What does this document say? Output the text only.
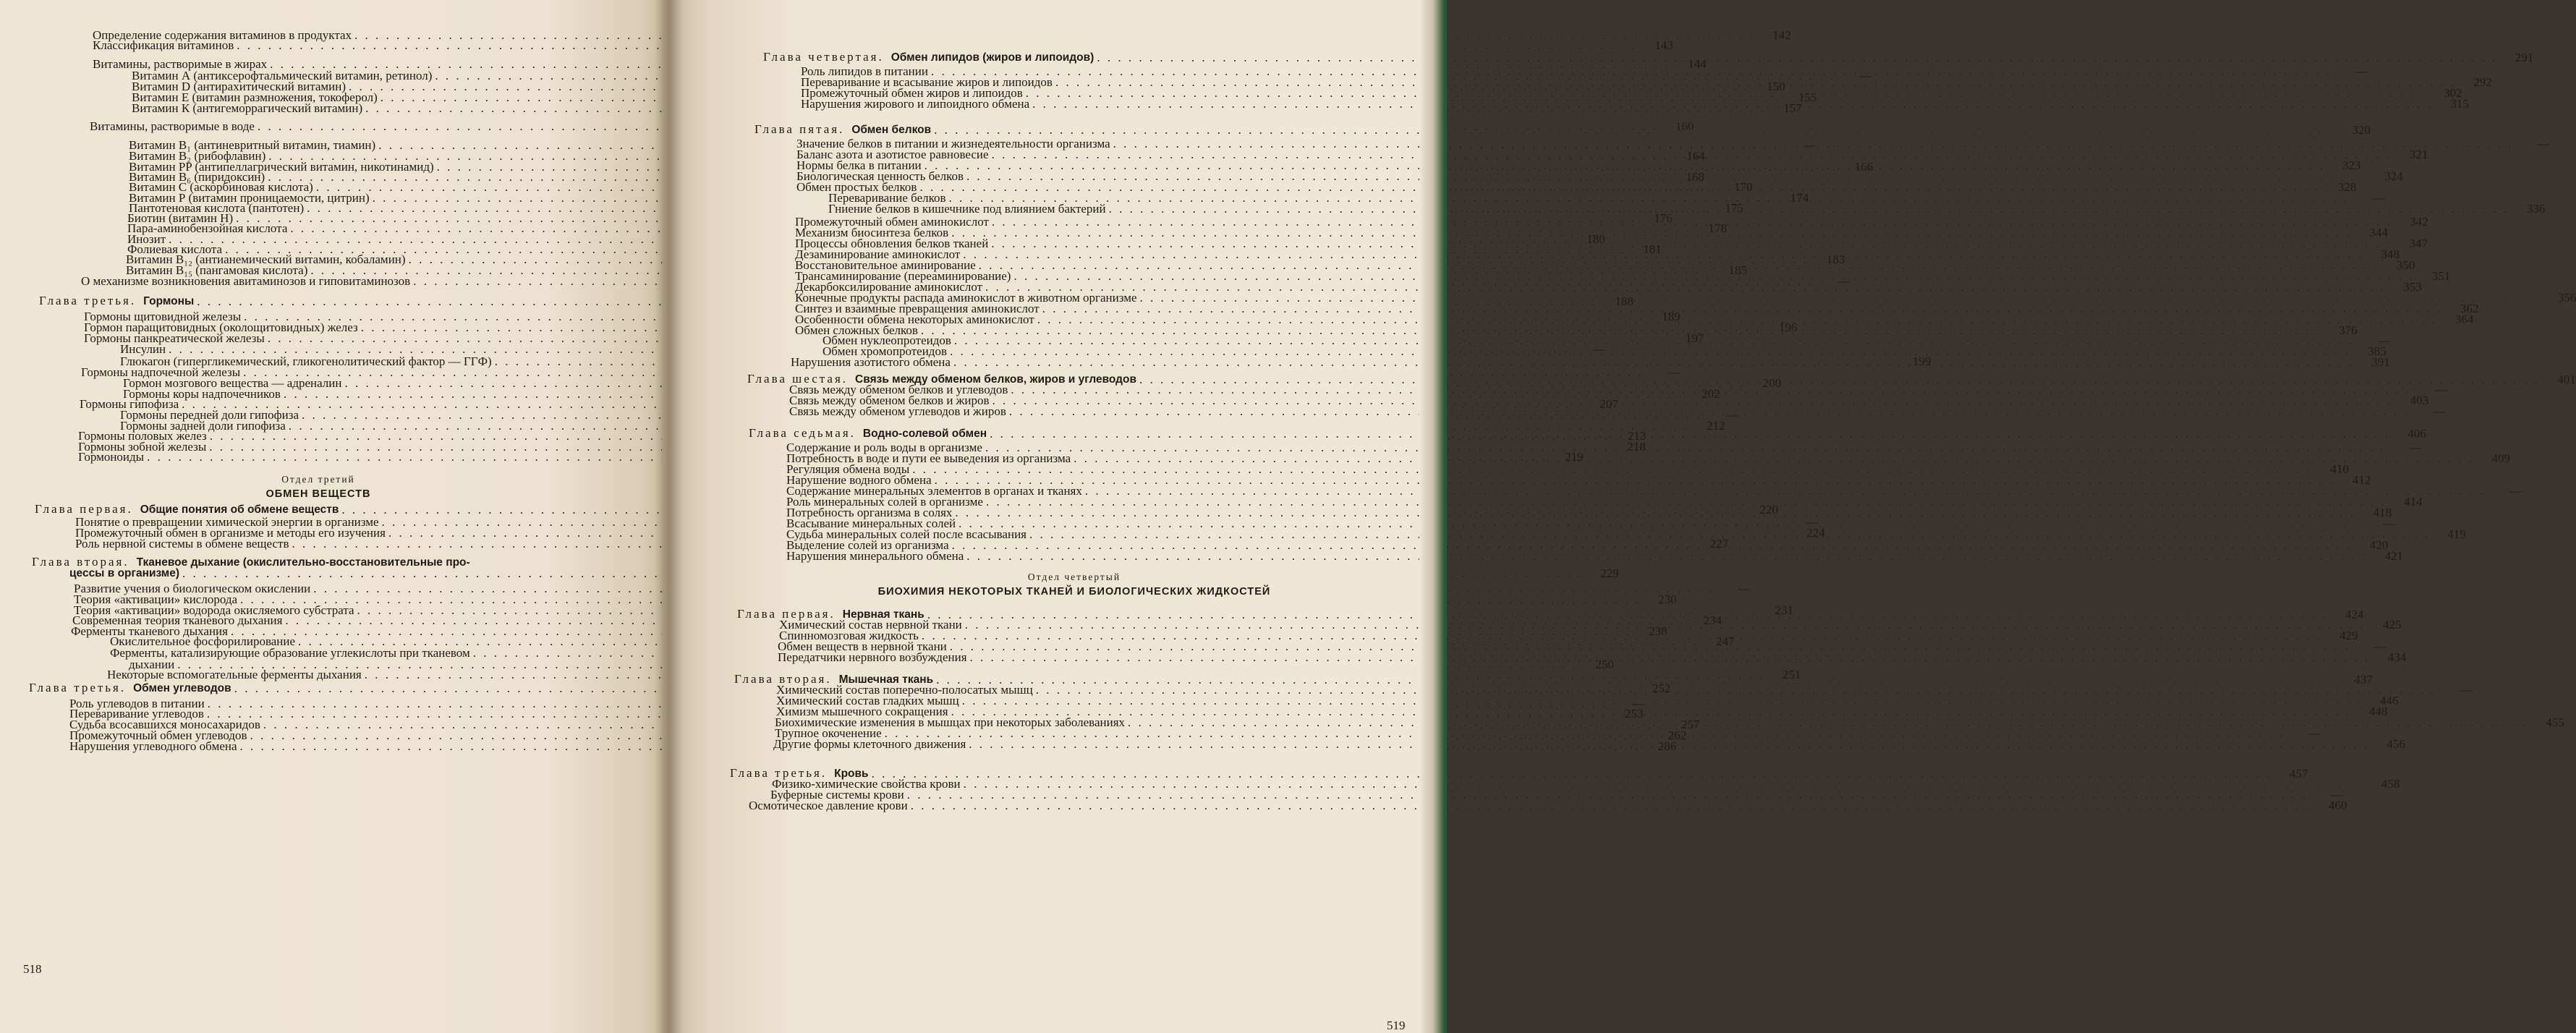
Определение содержания витаминов в продуктах . . .	142
Классификация витаминов . . .	143
Витамины, растворимые в жирах . . .	144
Витамин А (антиксерофтальмический витамин, ретинол) . . .	—
Витамин D (антирахитический витамин) . . .	150
Витамин Е (витамин размножения, токоферол) . . .	155
Витамин К (антигеморрагический витамин) . . .	157
Витамины, растворимые в воде . . .	160
Витамин B₁ (антиневритный витамин, тиамин) . . .	—
Витамин B₂ (рибофлавин) . . .	164
Витамин PP (антипеллагрический витамин, никотинамид) . . .	166
Витамин B₆ (пиридоксин) . . .	168
Витамин С (аскорбиновая кислота) . . .	170
Витамин Р (витамин проницаемости, цитрин) . . .	174
Пантотеновая кислота (пантотен) . . .	175
Биотин (витамин Н) . . .	176
Пара-аминобензойная кислота . . .	178
Инозит . . .	180
Фолиевая кислота . . .	181
Витамин B₁₂ (антианемический витамин, кобаламин) . . .	183
Витамин B₁₅ (пангамовая кислота) . . .	185
О механизме возникновения авитаминозов и гиповитаминозов . . .	—
Глава третья. Гормоны . . .	188
Гормоны щитовидной железы . . .	189
Гормон паращитовидных (околощитовидных) желез . . .	196
Гормоны панкреатической железы . . .	197
Инсулин . . .	—
Глюкагон (гипергликемический, гликогенолитический фактор — ГГФ) . . .	199
Гормоны надпочечной железы . . .	—
Гормон мозгового вещества — адреналин . . .	200
Гормоны коры надпочечников . . .	202
Гормоны гипофиза . . .	207
Гормоны передней доли гипофиза . . .	—
Гормоны задней доли гипофиза . . .	212
Гормоны половых желез . . .	213
Гормоны зобной железы . . .	218
Гормоноиды . . .	219
Отдел третий
ОБМЕН ВЕЩЕСТВ
Глава первая. Общие понятия об обмене веществ . . .	220
Понятие о превращении химической энергии в организме . . .	—
Промежуточный обмен в организме и методы его изучения . . .	224
Роль нервной системы в обмене веществ . . .	227
Глава вторая. Тканевое дыхание (окислительно-восстановительные про-
цессы в организме) . . .	229
Развитие учения о биологическом окислении . . .	—
Теория «активации» кислорода . . .	230
Теория «активации» водорода окисляемого субстрата . . .	231
Современная теория тканевого дыхания . . .	234
Ферменты тканевого дыхания . . .	238
Окислительное фосфорилирование . . .	247
Ферменты, катализирующие образование углекислоты при тканевом
. . .
дыхании . . .	250
Некоторые вспомогательные ферменты дыхания . . .	251
Глава третья. Обмен углеводов . . .	252
Роль углеводов в питании . . .	—
Переваривание углеводов . . .	253
Судьба всосавшихся моносахаридов . . .	257
Промежуточный обмен углеводов . . .	262
Нарушения углеводного обмена . . .	286
518
Глава четвертая. Обмен липидов (жиров и липоидов) . . .	291
Роль липидов в питании . . .	—
Переваривание и всасывание жиров и липоидов . . .	292
Промежуточный обмен жиров и липоидов . . .	302
Нарушения жирового и липоидного обмена . . .	315
Глава пятая. Обмен белков . . .	320
Значение белков в питании и жизнедеятельности организма . . .	—
Баланс азота и азотистое равновесие . . .	321
Нормы белка в питании . . .	323
Биологическая ценность белков . . .	324
Обмен простых белков . . .	328
Переваривание белков . . .	—
Гниение белков в кишечнике под влиянием бактерий . . .	336
Промежуточный обмен аминокислот . . .	342
Механизм биосинтеза белков . . .	344
Процессы обновления белков тканей . . .	347
Дезаминирование аминокислот . . .	348
Восстановительное аминирование . . .	350
Трансаминирование (переаминирование) . . .	351
Декарбоксилирование аминокислот . . .	353
Конечные продукты распада аминокислот в животном организме . . .	356
Синтез и взаимные превращения аминокислот . . .	362
Особенности обмена некоторых аминокислот . . .	364
Обмен сложных белков . . .	376
Обмен нуклеопротеидов . . .	—
Обмен хромопротеидов . . .	385
Нарушения азотистого обмена . . .	391
Глава шестая. Связь между обменом белков, жиров и углеводов . . .	401
Связь между обменом белков и углеводов . . .	—
Связь между обменом белков и жиров . . .	403
Связь между обменом углеводов и жиров . . .	—
Глава седьмая. Водно-солевой обмен . . .	406
Содержание и роль воды в организме . . .	—
Потребность в воде и пути ее выведения из организма . . .	409
Регуляция обмена воды . . .	410
Нарушение водного обмена . . .	412
Содержание минеральных элементов в органах и тканях . . .	—
Роль минеральных солей в организме . . .	414
Потребность организма в солях . . .	418
Всасывание минеральных солей . . .	—
Судьба минеральных солей после всасывания . . .	419
Выделение солей из организма . . .	420
Нарушения минерального обмена . . .	421
Отдел четвертый
БИОХИМИЯ НЕКОТОРЫХ ТКАНЕЙ И БИОЛОГИЧЕСКИХ ЖИДКОСТЕЙ
Глава первая. Нервная ткань . . .	424
Химический состав нервной ткани . . .	425
Спинномозговая жидкость . . .	429
Обмен веществ в нервной ткани . . .	—
Передатчики нервного возбуждения . . .	434
Глава вторая. Мышечная ткань . . .	437
Химический состав поперечно-полосатых мышц . . .	—
Химический состав гладких мышц . . .	446
Химизм мышечного сокращения . . .	448
Биохимические изменения в мышцах при некоторых заболеваниях . . .	455
Трупное окоченение . . .	—
Другие формы клеточного движения . . .	456
Глава третья. Кровь . . .	457
Физико-химические свойства крови . . .	458
Буферные системы крови . . .	—
Осмотическое давление крови . . .	460
519
